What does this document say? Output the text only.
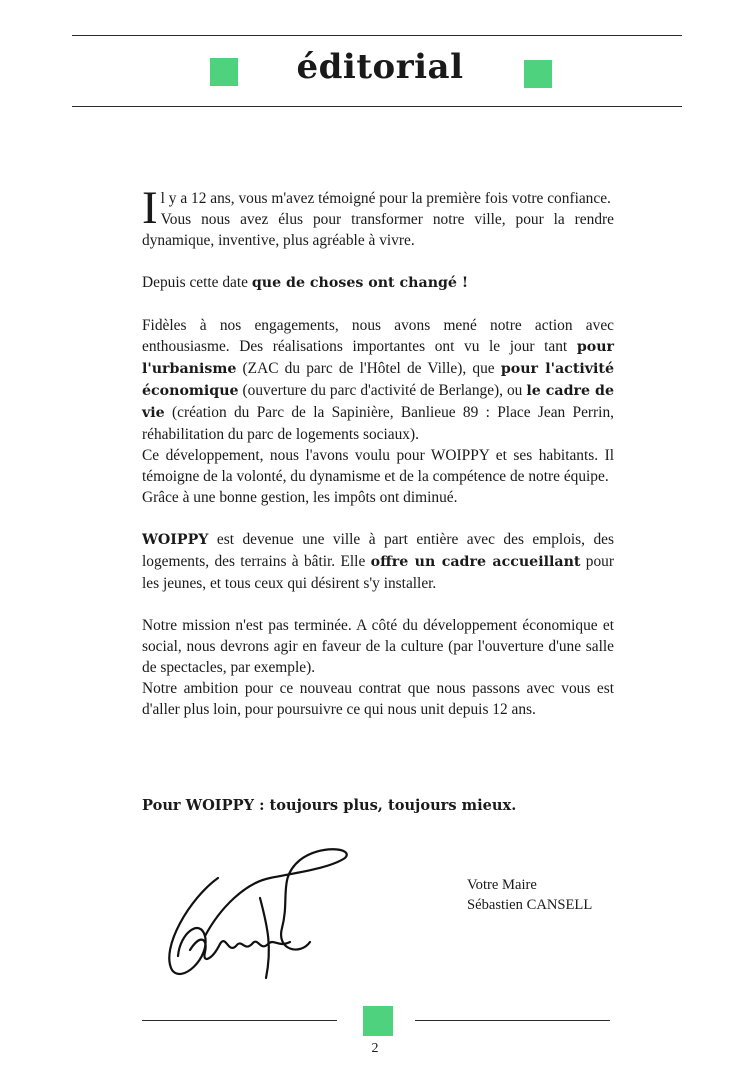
éditorial

Il y a 12 ans, vous m'avez témoigné pour la première fois votre confiance.

Vous nous avez élus pour transformer notre ville, pour la rendre dynamique, inventive, plus agréable à vivre.

Depuis cette date que de choses ont changé !

Fidèles à nos engagements, nous avons mené notre action avec enthousiasme. Des réalisations importantes ont vu le jour tant pour l'urbanisme (ZAC du parc de l'Hôtel de Ville), que pour l'activité économique (ouverture du parc d'activité de Berlange), ou le cadre de vie (création du Parc de la Sapinière, Banlieue 89 : Place Jean Perrin, réhabilitation du parc de logements sociaux).

Ce développement, nous l'avons voulu pour WOIPPY et ses habitants. Il témoigne de la volonté, du dynamisme et de la compétence de notre équipe.

Grâce à une bonne gestion, les impôts ont diminué.

WOIPPY est devenue une ville à part entière avec des emplois, des logements, des terrains à bâtir. Elle offre un cadre accueillant pour les jeunes, et tous ceux qui désirent s'y installer.

Notre mission n'est pas terminée. A côté du développement économique et social, nous devrons agir en faveur de la culture (par l'ouverture d'une salle de spectacles, par exemple).

Notre ambition pour ce nouveau contrat que nous passons avec vous est d'aller plus loin, pour poursuivre ce qui nous unit depuis 12 ans.

Pour WOIPPY : toujours plus, toujours mieux.
Votre Maire
Sébastien CANSELL
2
